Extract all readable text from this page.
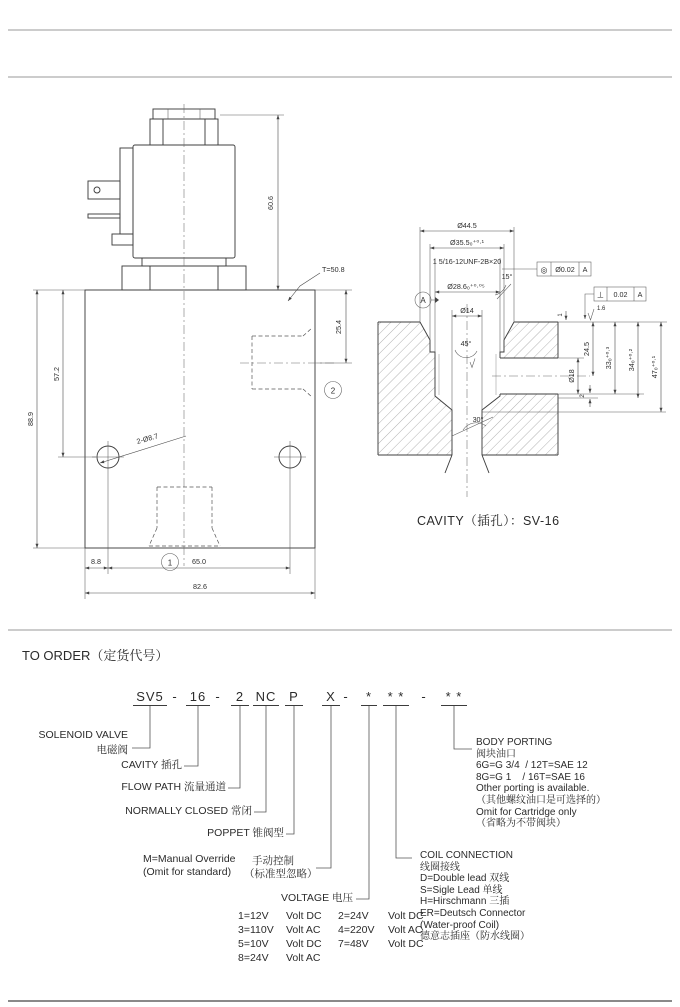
88.9
57.2
60.6
25.4
T=50.8
2-Ø8.7
8.8	65.0
82.6
1
2
Ø44.5
Ø35.5₀⁺⁰·¹
1 5/16-12UNF-2B×20
Ø28.6₀⁺⁰·⁰⁵
Ø14
24.5 33₀⁺⁰·³ 34₀⁺⁰·² 47₀⁺⁰·¹
Ø18
2
1
15°
45°
30°
1.6
A
◎ Ø0.02 A
⊥ 0.02 A
CAVITY（插孔）：SV-16
TO ORDER（定货代号）
SV5 - 16 -	2 NC P	X -	*	* *	-	* *
SOLENOID VALVE
电磁阀
CAVITY 插孔
FLOW PATH 流量通道
NORMALLY CLOSED 常闭
POPPET 锥阀型
M=Manual Override
(Omit for standard)
手动控制
（标准型忽略）
VOLTAGE 电压
1=12V	Volt DC	2=24V	Volt DC
3=110V	Volt AC	4=220V	Volt AC
5=10V	Volt DC	7=48V	Volt DC
8=24V	Volt AC
BODY PORTING
阀块油口
6G=G 3/4  / 12T=SAE 12
8G=G 1    / 16T=SAE 16
Other porting is available.
（其他螺纹油口是可选择的）
Omit for Cartridge only
（省略为不带阀块）
COIL CONNECTION
线圈接线
D=Double lead 双线
S=Sigle Lead 单线
H=Hirschmann 三插
ER=Deutsch Connector
(Water-proof Coil)
德意志插座（防水线圈）
